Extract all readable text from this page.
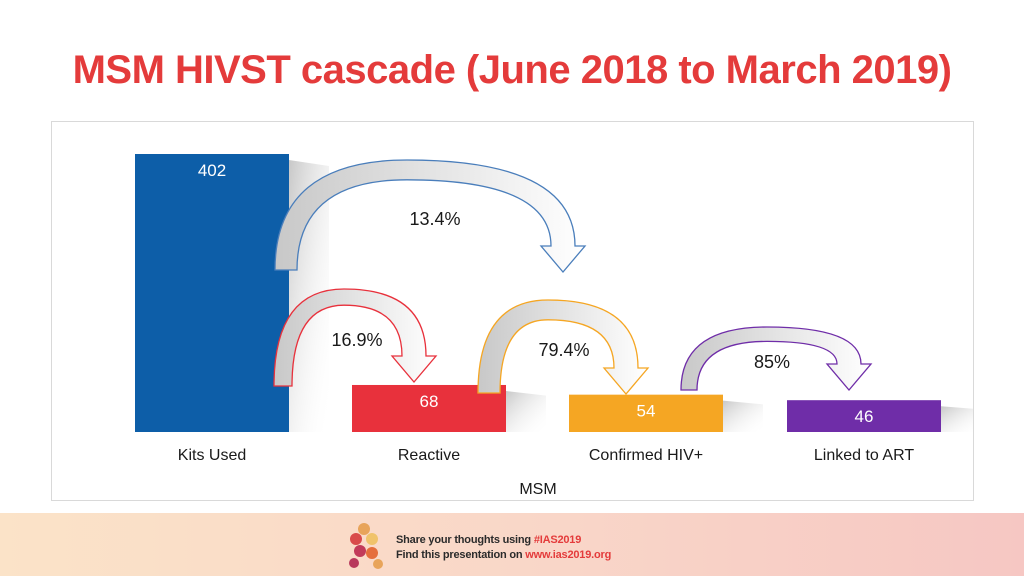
MSM HIVST cascade (June 2018 to March 2019)
402
Kits Used
68
Reactive
54
Confirmed HIV+
46
Linked to ART
MSM
13.4%
16.9%	79.4%
85%
Share your thoughts using #IAS2019
Find this presentation on www.ias2019.org
